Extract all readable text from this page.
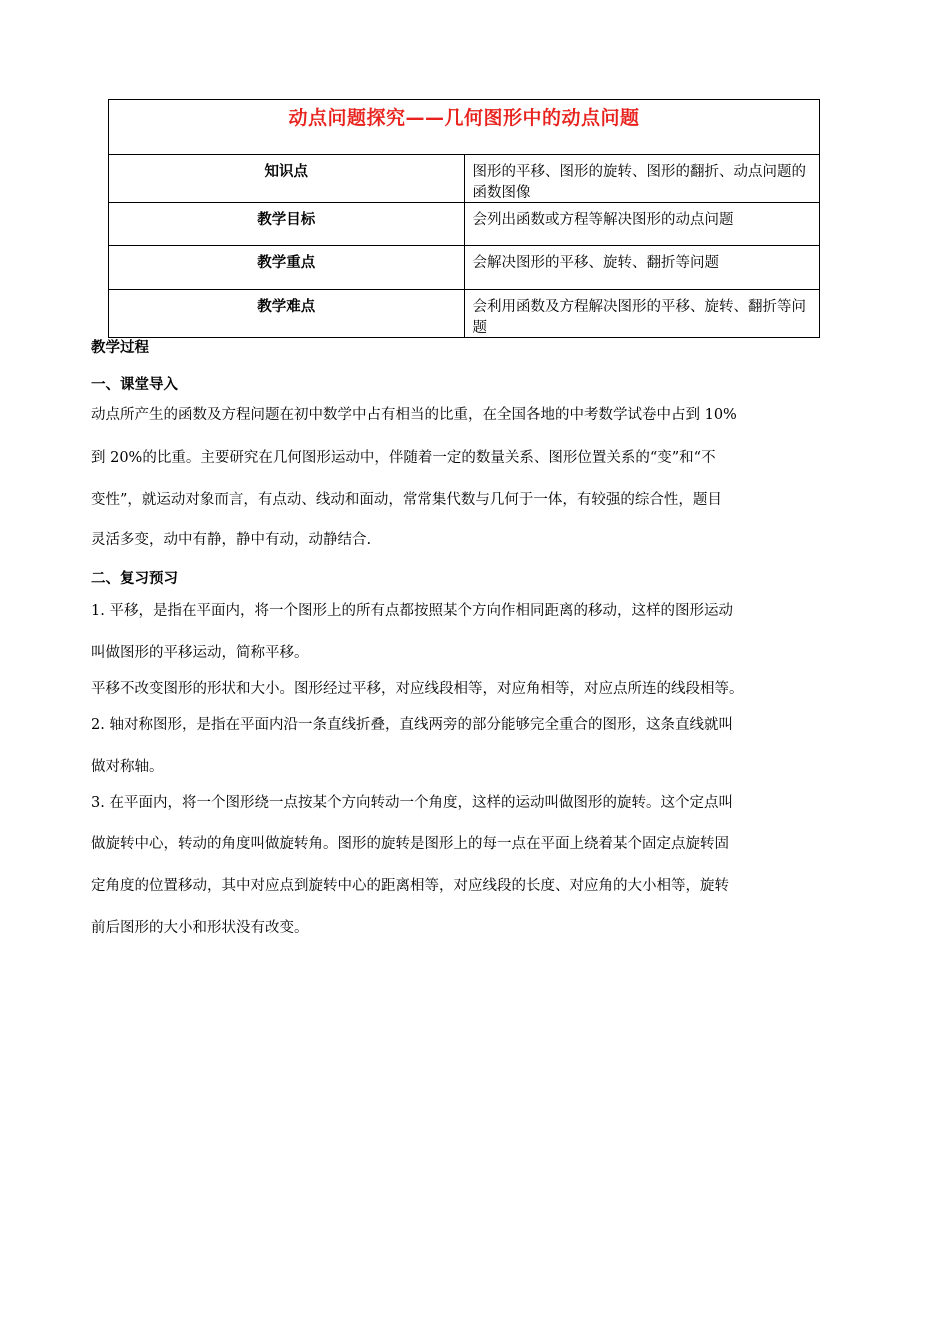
动点问题探究——几何图形中的动点问题	

知识点	图形的平移、图形的旋转、图形的翻折、动点问题的函数图像

教学目标	会列出函数或方程等解决图形的动点问题

教学重点	会解决图形的平移、旋转、翻折等问题

教学难点	会利用函数及方程解决图形的平移、旋转、翻折等问题
教学过程
一、课堂导入

动点所产生的函数及方程问题在初中数学中占有相当的比重，在全国各地的中考数学试卷中占到 10%

到 20%的比重。主要研究在几何图形运动中，伴随着一定的数量关系、图形位置关系的“变”和“不

变性”，就运动对象而言，有点动、线动和面动，常常集代数与几何于一体，有较强的综合性，题目

灵活多变，动中有静，静中有动，动静结合.

二、复习预习

1. 平移，是指在平面内，将一个图形上的所有点都按照某个方向作相同距离的移动，这样的图形运动

叫做图形的平移运动，简称平移。

平移不改变图形的形状和大小。图形经过平移，对应线段相等，对应角相等，对应点所连的线段相等。

2. 轴对称图形，是指在平面内沿一条直线折叠，直线两旁的部分能够完全重合的图形，这条直线就叫

做对称轴。

3. 在平面内，将一个图形绕一点按某个方向转动一个角度，这样的运动叫做图形的旋转。这个定点叫

做旋转中心，转动的角度叫做旋转角。图形的旋转是图形上的每一点在平面上绕着某个固定点旋转固

定角度的位置移动，其中对应点到旋转中心的距离相等，对应线段的长度、对应角的大小相等，旋转

前后图形的大小和形状没有改变。
